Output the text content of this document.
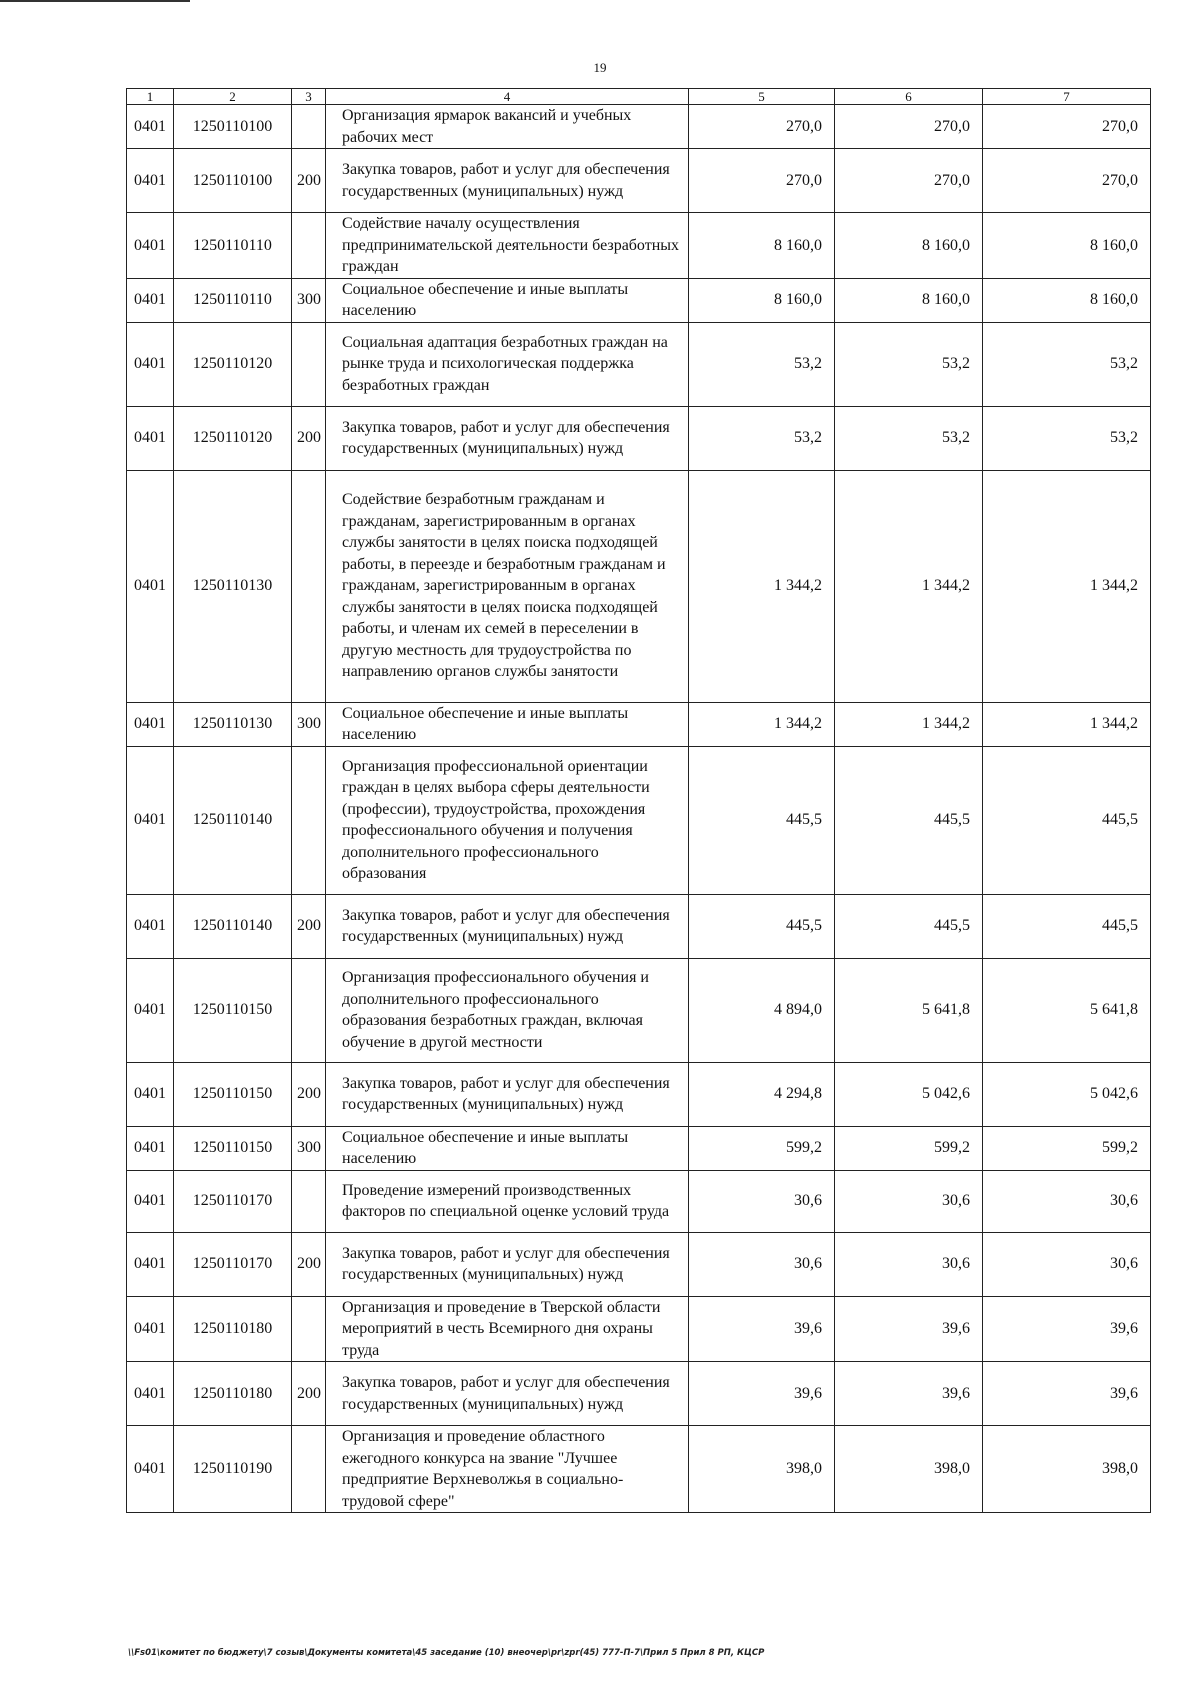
19
1	2	3	4	5	6	7
0401	1250110100		Организация ярмарок вакансий и учебных рабочих мест	270,0	270,0	270,0
0401	1250110100	200	Закупка товаров, работ и услуг для обеспечения государственных (муниципальных) нужд	270,0	270,0	270,0
0401	1250110110		Содействие началу осуществления предпринимательской деятельности безработных граждан	8 160,0	8 160,0	8 160,0
0401	1250110110	300	Социальное обеспечение и иные выплаты населению	8 160,0	8 160,0	8 160,0
0401	1250110120		Социальная адаптация безработных граждан на рынке труда и психологическая поддержка безработных граждан	53,2	53,2	53,2
0401	1250110120	200	Закупка товаров, работ и услуг для обеспечения государственных (муниципальных) нужд	53,2	53,2	53,2
0401	1250110130		Содействие безработным гражданам и гражданам, зарегистрированным в органах службы занятости в целях поиска подходящей работы, в переезде и безработным гражданам и гражданам, зарегистрированным в органах службы занятости в целях поиска подходящей работы, и членам их семей в переселении в другую местность для трудоустройства по направлению органов службы занятости	1 344,2	1 344,2	1 344,2
0401	1250110130	300	Социальное обеспечение и иные выплаты населению	1 344,2	1 344,2	1 344,2
0401	1250110140		Организация профессиональной ориентации граждан в целях выбора сферы деятельности (профессии), трудоустройства, прохождения профессионального обучения и получения дополнительного профессионального образования	445,5	445,5	445,5
0401	1250110140	200	Закупка товаров, работ и услуг для обеспечения государственных (муниципальных) нужд	445,5	445,5	445,5
0401	1250110150		Организация профессионального обучения и дополнительного профессионального образования безработных граждан, включая обучение в другой местности	4 894,0	5 641,8	5 641,8
0401	1250110150	200	Закупка товаров, работ и услуг для обеспечения государственных (муниципальных) нужд	4 294,8	5 042,6	5 042,6
0401	1250110150	300	Социальное обеспечение и иные выплаты населению	599,2	599,2	599,2
0401	1250110170		Проведение измерений производственных факторов по специальной оценке условий труда	30,6	30,6	30,6
0401	1250110170	200	Закупка товаров, работ и услуг для обеспечения государственных (муниципальных) нужд	30,6	30,6	30,6
0401	1250110180		Организация и проведение в Тверской области мероприятий в честь Всемирного дня охраны труда	39,6	39,6	39,6
0401	1250110180	200	Закупка товаров, работ и услуг для обеспечения государственных (муниципальных) нужд	39,6	39,6	39,6
0401	1250110190		Организация и проведение областного ежегодного конкурса на звание "Лучшее предприятие Верхневолжья в социально-трудовой сфере"	398,0	398,0	398,0
\\Fs01\комитет по бюджету\7 созыв\Документы комитета\45 заседание (10) внеочер\pr\zpr(45) 777-П-7\Прил 5 Прил 8 РП, КЦСР
